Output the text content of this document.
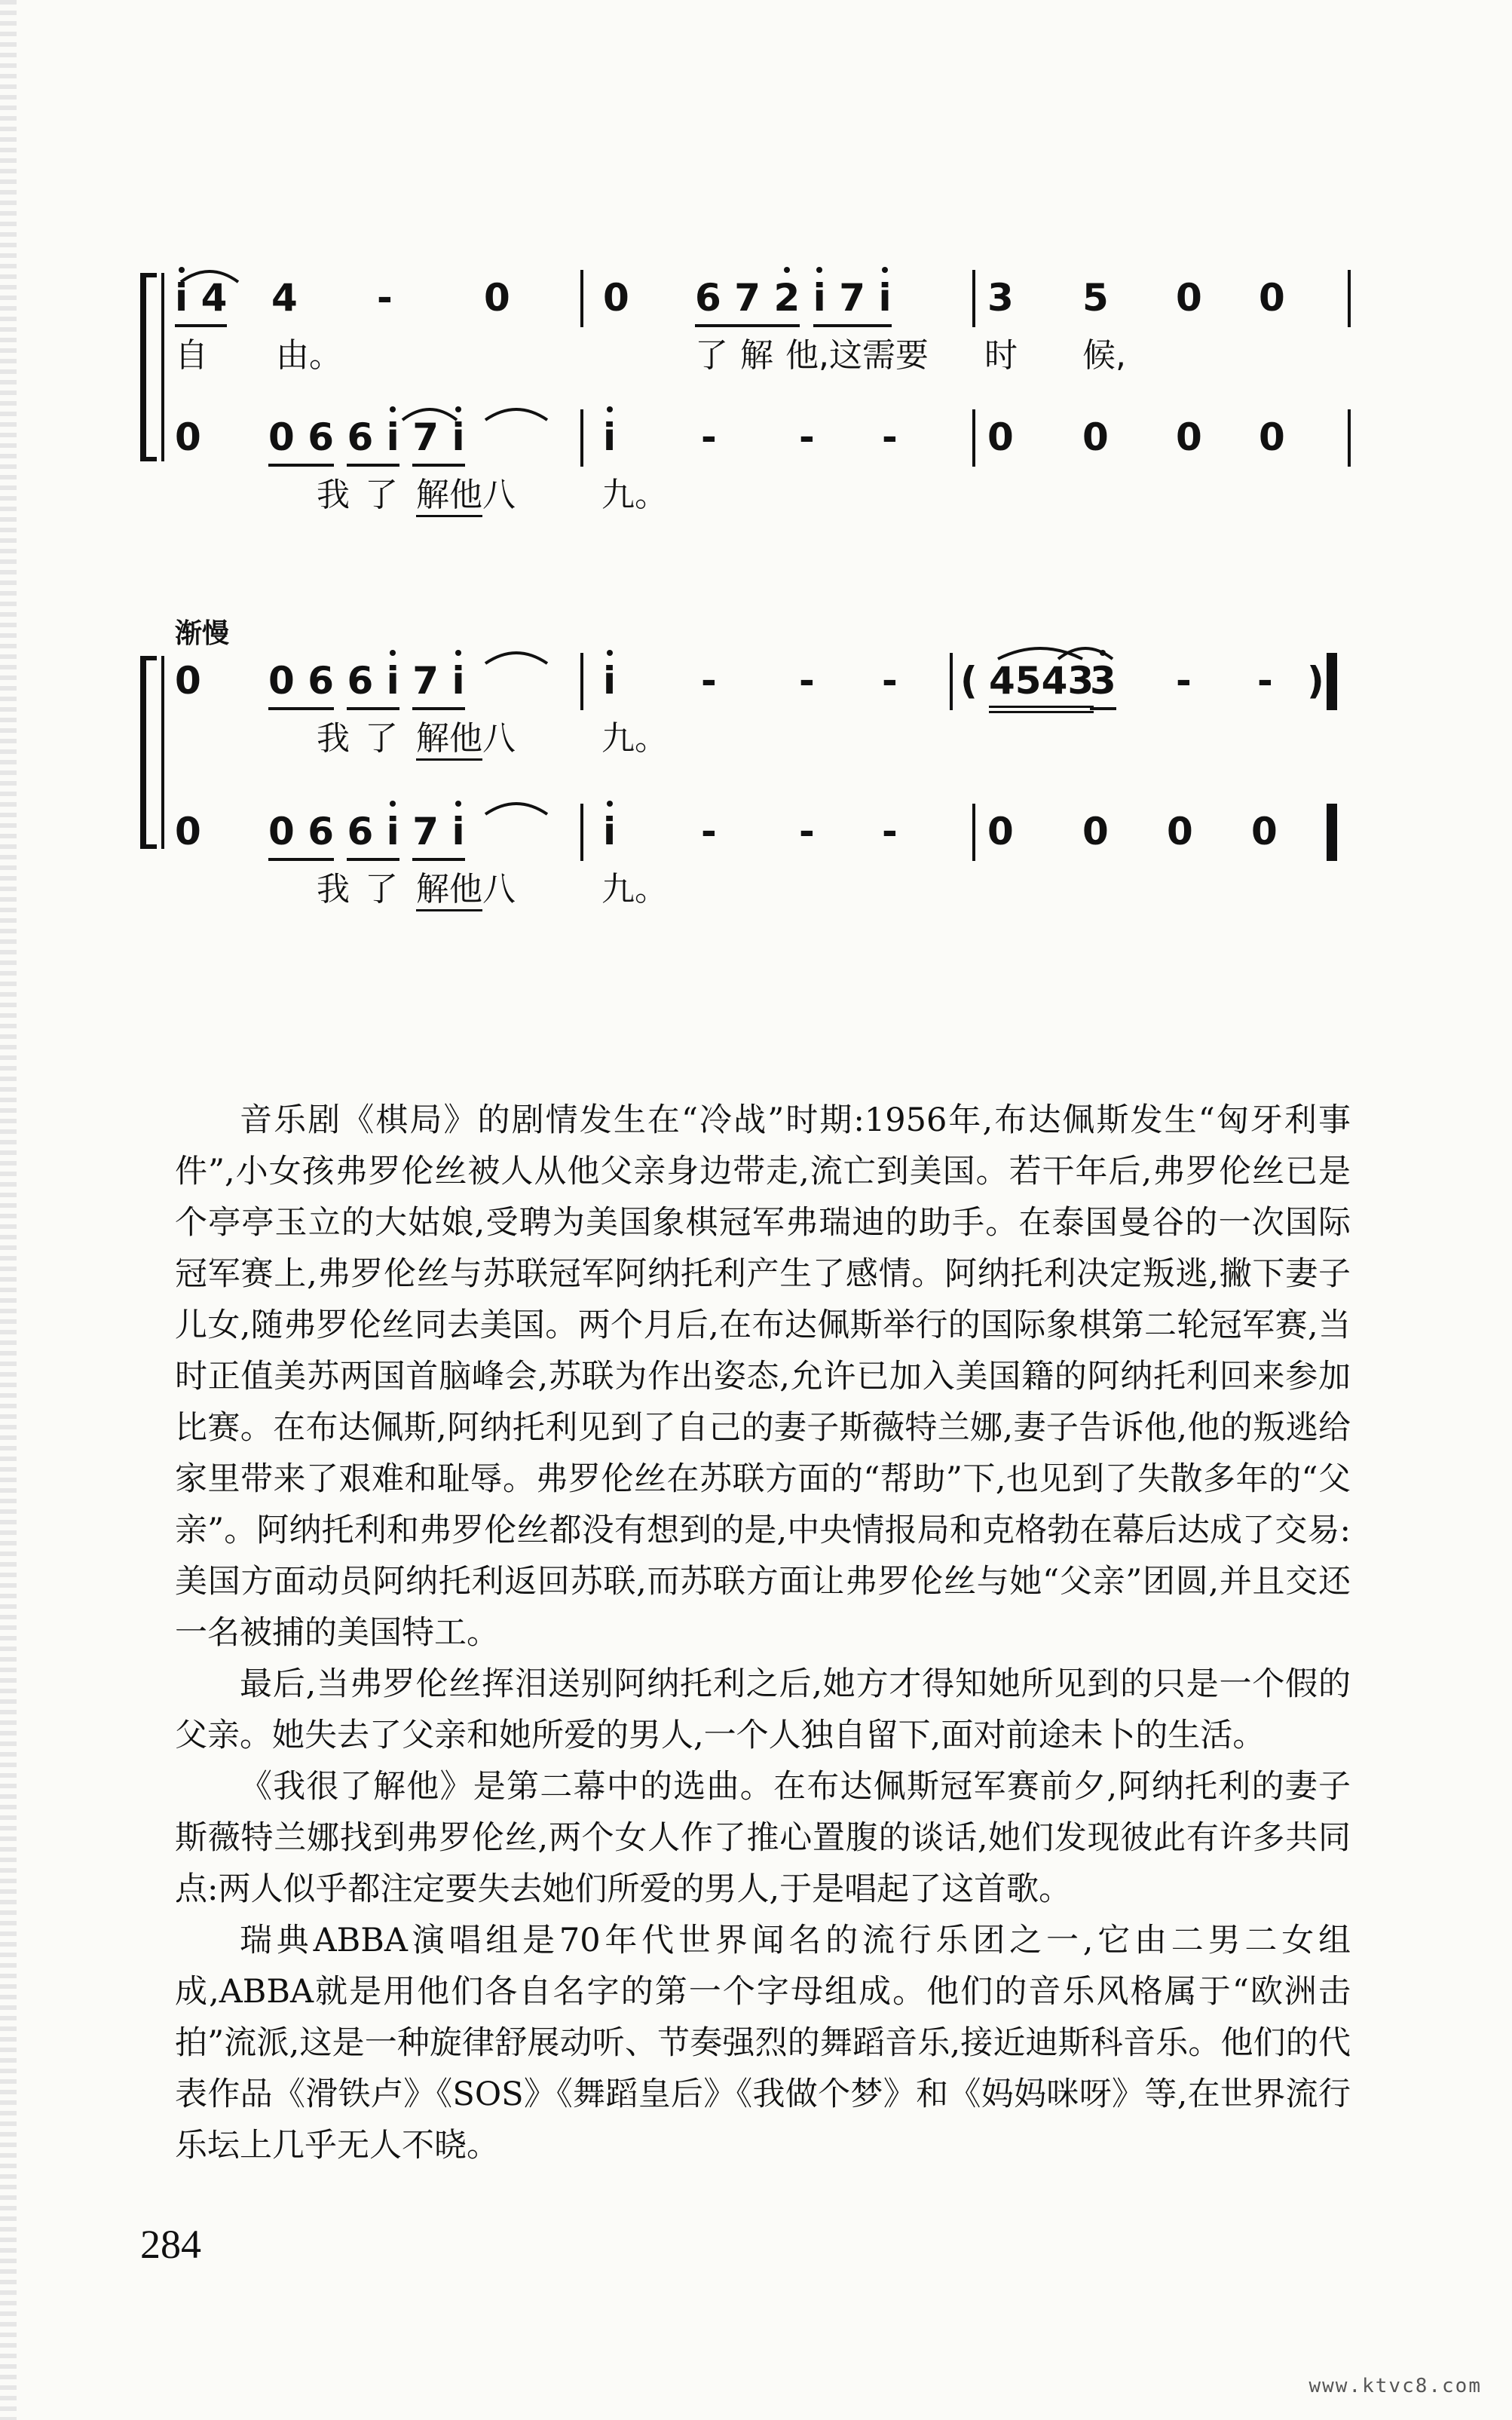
i 4 4 - 0 0 6 7 2 i 7 i	3 5 0 0
自 由。	了 解 他,这需要 时 候,
0 0 6 6 i 7 i	i - - - 0 0 0 0
我 了 解他 八	九。
渐慢
0 0 6 6 i 7 i	i - - - ( 4543
3 - - )
我 了 解他 八	九。
0 0 6 6 i 7 i	i - - - 0 0 0 0
我 了 解他 八	九。

音乐剧《棋局》的剧情发生在“冷战”时期:1956年,布达佩斯发生“匈牙利事件”,小女孩弗罗伦丝被人从他父亲身边带走,流亡到美国。若干年后,弗罗伦丝已是个亭亭玉立的大姑娘,受聘为美国象棋冠军弗瑞迪的助手。在泰国曼谷的一次国际冠军赛上,弗罗伦丝与苏联冠军阿纳托利产生了感情。阿纳托利决定叛逃,撇下妻子儿女,随弗罗伦丝同去美国。两个月后,在布达佩斯举行的国际象棋第二轮冠军赛,当时正值美苏两国首脑峰会,苏联为作出姿态,允许已加入美国籍的阿纳托利回来参加比赛。在布达佩斯,阿纳托利见到了自己的妻子斯薇特兰娜,妻子告诉他,他的叛逃给家里带来了艰难和耻辱。弗罗伦丝在苏联方面的“帮助”下,也见到了失散多年的“父亲”。阿纳托利和弗罗伦丝都没有想到的是,中央情报局和克格勃在幕后达成了交易:美国方面动员阿纳托利返回苏联,而苏联方面让弗罗伦丝与她“父亲”团圆,并且交还一名被捕的美国特工。

最后,当弗罗伦丝挥泪送别阿纳托利之后,她方才得知她所见到的只是一个假的父亲。她失去了父亲和她所爱的男人,一个人独自留下,面对前途未卜的生活。

《我很了解他》是第二幕中的选曲。在布达佩斯冠军赛前夕,阿纳托利的妻子斯薇特兰娜找到弗罗伦丝,两个女人作了推心置腹的谈话,她们发现彼此有许多共同点:两人似乎都注定要失去她们所爱的男人,于是唱起了这首歌。

瑞典ABBA演唱组是70年代世界闻名的流行乐团之一,它由二男二女组成,ABBA就是用他们各自名字的第一个字母组成。他们的音乐风格属于“欧洲击拍”流派,这是一种旋律舒展动听、节奏强烈的舞蹈音乐,接近迪斯科音乐。他们的代表作品《滑铁卢》《SOS》《舞蹈皇后》《我做个梦》和《妈妈咪呀》等,在世界流行乐坛上几乎无人不晓。

284
www.ktvc8.com
